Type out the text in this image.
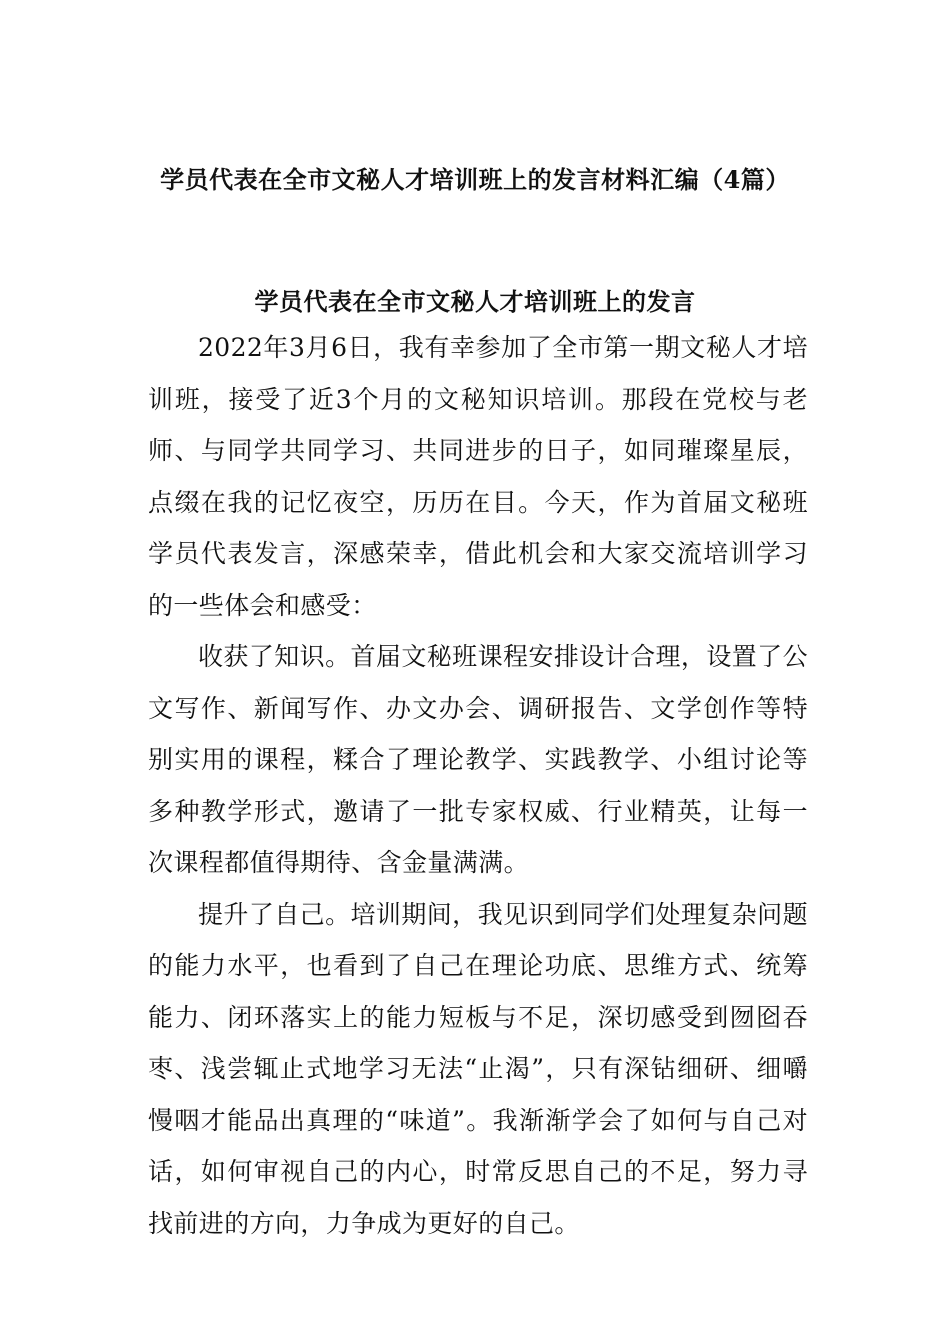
学员代表在全市文秘人才培训班上的发言材料汇编（4篇）
学员代表在全市文秘人才培训班上的发言

2022年3月6日，我有幸参加了全市第一期文秘人才培训班，接受了近3个月的文秘知识培训。那段在党校与老师、与同学共同学习、共同进步的日子，如同璀璨星辰，点缀在我的记忆夜空，历历在目。今天，作为首届文秘班学员代表发言，深感荣幸，借此机会和大家交流培训学习的一些体会和感受：

收获了知识。首届文秘班课程安排设计合理，设置了公文写作、新闻写作、办文办会、调研报告、文学创作等特别实用的课程，糅合了理论教学、实践教学、小组讨论等多种教学形式，邀请了一批专家权威、行业精英，让每一次课程都值得期待、含金量满满。

提升了自己。培训期间，我见识到同学们处理复杂问题的能力水平，也看到了自己在理论功底、思维方式、统筹能力、闭环落实上的能力短板与不足，深切感受到囫囵吞枣、浅尝辄止式地学习无法“止渴”，只有深钻细研、细嚼慢咽才能品出真理的“味道”。我渐渐学会了如何与自己对话，如何审视自己的内心，时常反思自己的不足，努力寻找前进的方向，力争成为更好的自己。
